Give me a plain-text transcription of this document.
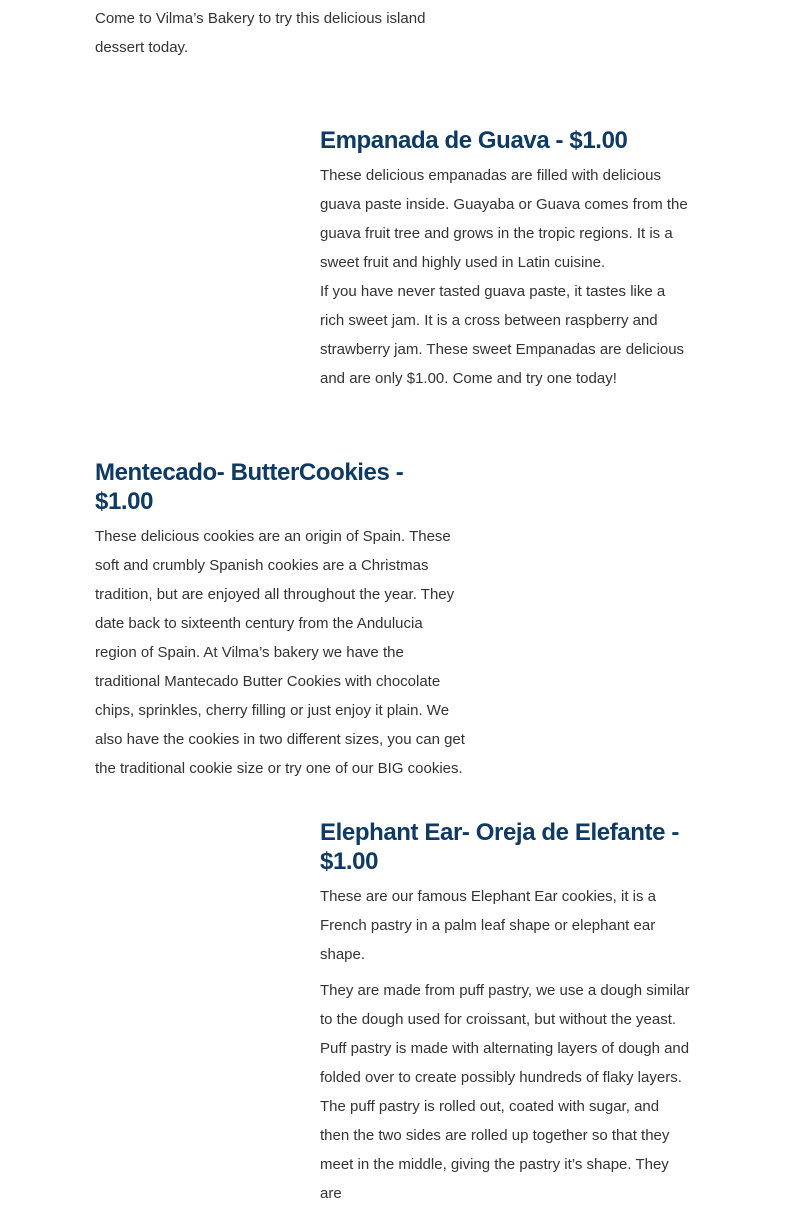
Come to Vilma’s Bakery to try this delicious island dessert today.

Empanada de Guava - $1.00

These delicious empanadas are filled with delicious guava paste inside. Guayaba or Guava comes from the guava fruit tree and grows in the tropic regions. It is a sweet fruit and highly used in Latin cuisine.

If you have never tasted guava paste, it tastes like a rich sweet jam. It is a cross between raspberry and strawberry jam. These sweet Empanadas are delicious and are only $1.00. Come and try one today!

Mentecado- ButterCookies - $1.00

These delicious cookies are an origin of Spain. These soft and crumbly Spanish cookies are a Christmas tradition, but are enjoyed all throughout the year. They date back to sixteenth century from the Andulucia region of Spain. At Vilma’s bakery we have the traditional Mantecado Butter Cookies with chocolate chips, sprinkles, cherry filling or just enjoy it plain. We also have the cookies in two different sizes, you can get the traditional cookie size or try one of our BIG cookies.

Elephant Ear- Oreja de Elefante - $1.00

These are our famous Elephant Ear cookies, it is a French pastry in a palm leaf shape or elephant ear shape.

They are made from puff pastry, we use a dough similar to the dough used for croissant, but without the yeast. Puff pastry is made with alternating layers of dough and folded over to create possibly hundreds of flaky layers. The puff pastry is rolled out, coated with sugar, and then the two sides are rolled up together so that they meet in the middle, giving the pastry it’s shape. They are
